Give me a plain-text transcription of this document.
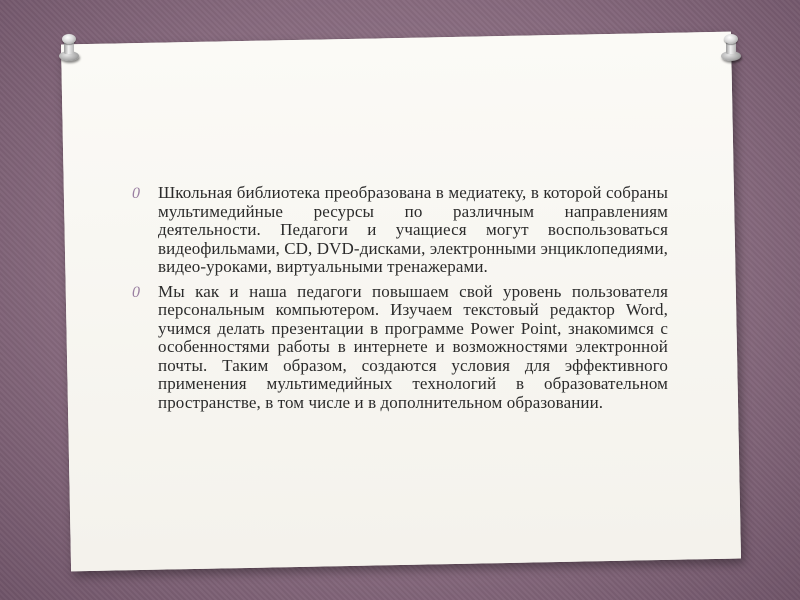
0 Школьная библиотека преобразована в медиатеку, в которой собраны мультимедийные ресурсы по различным направлениям деятельности. Педагоги и учащиеся могут воспользоваться видеофильмами, CD, DVD-дисками, электронными энциклопедиями, видео-уроками, виртуальными тренажерами.
0 Мы как и наша педагоги повышаем свой уровень пользователя персональным компьютером. Изучаем текстовый редактор Word, учимся делать презентации в программе Power Point, знакомимся с особенностями работы в интернете и возможностями электронной почты. Таким образом, создаются условия для эффективного применения мультимедийных технологий в образовательном пространстве, в том числе и в дополнительном образовании.
